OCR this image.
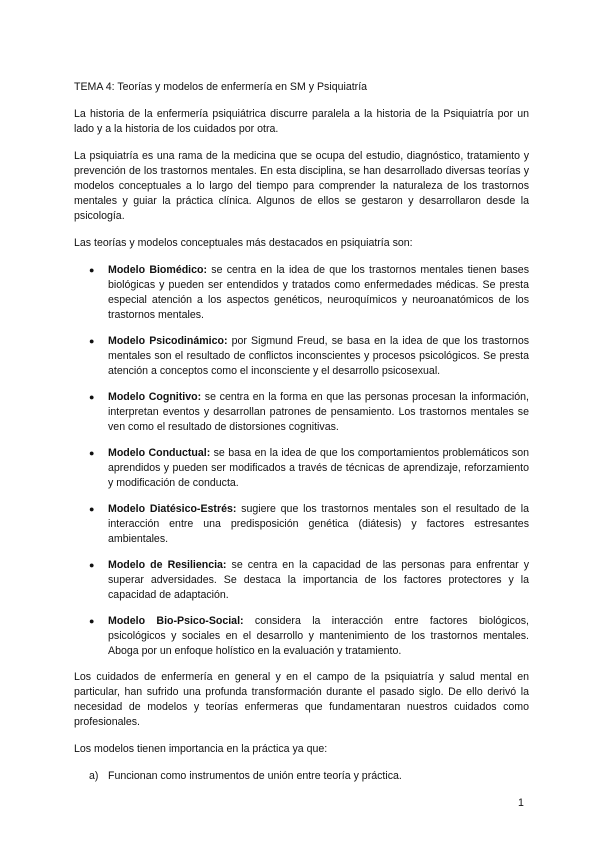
TEMA 4: Teorías y modelos de enfermería en SM y Psiquiatría

La historia de la enfermería psiquiátrica discurre paralela a la historia de la Psiquiatría por un lado y a la historia de los cuidados por otra.

La psiquiatría es una rama de la medicina que se ocupa del estudio, diagnóstico, tratamiento y prevención de los trastornos mentales. En esta disciplina, se han desarrollado diversas teorías y modelos conceptuales a lo largo del tiempo para comprender la naturaleza de los trastornos mentales y guiar la práctica clínica. Algunos de ellos se gestaron y desarrollaron desde la psicología.

Las teorías y modelos conceptuales más destacados en psiquiatría son:

● Modelo Biomédico: se centra en la idea de que los trastornos mentales tienen bases biológicas y pueden ser entendidos y tratados como enfermedades médicas. Se presta especial atención a los aspectos genéticos, neuroquímicos y neuroanatómicos de los trastornos mentales.
● Modelo Psicodinámico: por Sigmund Freud, se basa en la idea de que los trastornos mentales son el resultado de conflictos inconscientes y procesos psicológicos. Se presta atención a conceptos como el inconsciente y el desarrollo psicosexual.
● Modelo Cognitivo: se centra en la forma en que las personas procesan la información, interpretan eventos y desarrollan patrones de pensamiento. Los trastornos mentales se ven como el resultado de distorsiones cognitivas.
● Modelo Conductual: se basa en la idea de que los comportamientos problemáticos son aprendidos y pueden ser modificados a través de técnicas de aprendizaje, reforzamiento y modificación de conducta.
● Modelo Diatésico-Estrés: sugiere que los trastornos mentales son el resultado de la interacción entre una predisposición genética (diátesis) y factores estresantes ambientales.
● Modelo de Resiliencia: se centra en la capacidad de las personas para enfrentar y superar adversidades. Se destaca la importancia de los factores protectores y la capacidad de adaptación.
● Modelo Bio-Psico-Social: considera la interacción entre factores biológicos, psicológicos y sociales en el desarrollo y mantenimiento de los trastornos mentales. Aboga por un enfoque holístico en la evaluación y tratamiento.

Los cuidados de enfermería en general y en el campo de la psiquiatría y salud mental en particular, han sufrido una profunda transformación durante el pasado siglo. De ello derivó la necesidad de modelos y teorías enfermeras que fundamentaran nuestros cuidados como profesionales.

Los modelos tienen importancia en la práctica ya que:

a) Funcionan como instrumentos de unión entre teoría y práctica.
1
